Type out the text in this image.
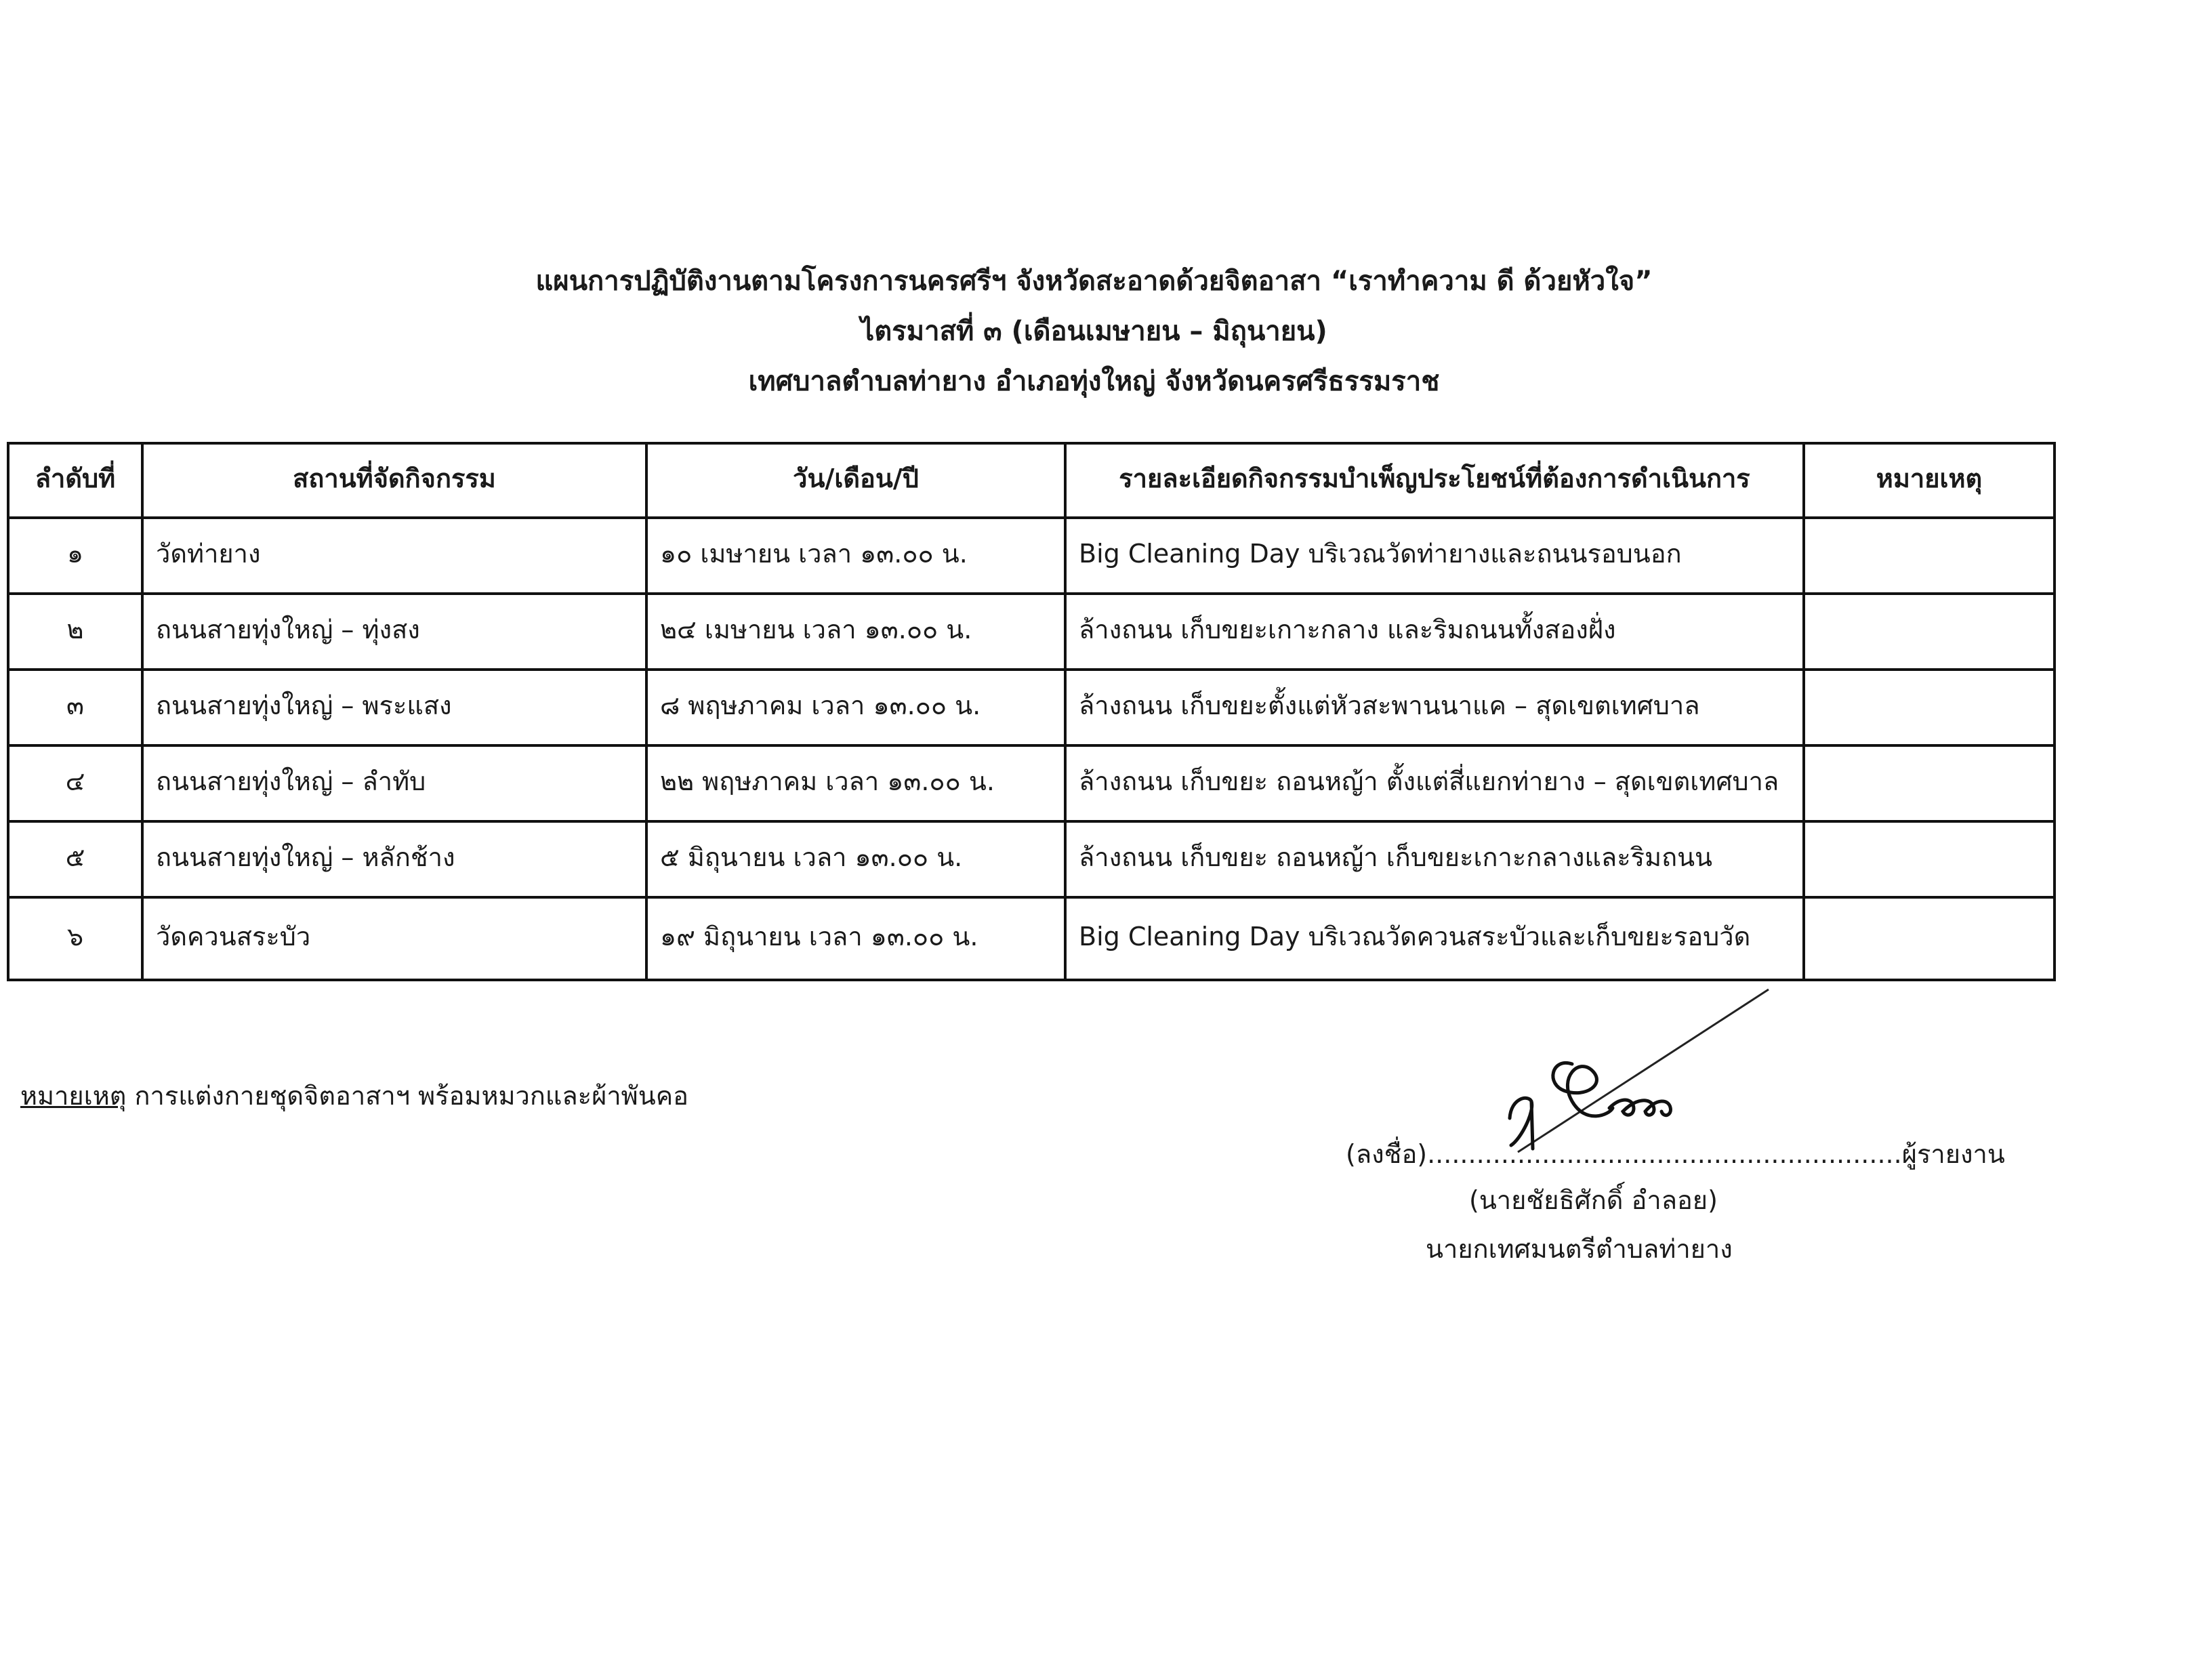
แผนการปฏิบัติงานตามโครงการนครศรีฯ จังหวัดสะอาดด้วยจิตอาสา “เราทำความ ดี ด้วยหัวใจ”
ไตรมาสที่ ๓ (เดือนเมษายน – มิถุนายน)
เทศบาลตำบลท่ายาง อำเภอทุ่งใหญ่ จังหวัดนครศรีธรรมราช
ลำดับที่	สถานที่จัดกิจกรรม	วัน/เดือน/ปี	รายละเอียดกิจกรรมบำเพ็ญประโยชน์ที่ต้องการดำเนินการ	หมายเหตุ
๑	วัดท่ายาง	๑๐ เมษายน เวลา ๑๓.๐๐ น.	Big Cleaning Day บริเวณวัดท่ายางและถนนรอบนอก
๒	ถนนสายทุ่งใหญ่ – ทุ่งสง	๒๔ เมษายน เวลา ๑๓.๐๐ น.	ล้างถนน เก็บขยะเกาะกลาง และริมถนนทั้งสองฝั่ง
๓	ถนนสายทุ่งใหญ่ – พระแสง	๘ พฤษภาคม เวลา ๑๓.๐๐ น.	ล้างถนน เก็บขยะตั้งแต่หัวสะพานนาแค – สุดเขตเทศบาล
๔	ถนนสายทุ่งใหญ่ – ลำทับ	๒๒ พฤษภาคม เวลา ๑๓.๐๐ น.	ล้างถนน เก็บขยะ ถอนหญ้า ตั้งแต่สี่แยกท่ายาง – สุดเขตเทศบาล
๕	ถนนสายทุ่งใหญ่ – หลักช้าง	๕ มิถุนายน เวลา ๑๓.๐๐ น.	ล้างถนน เก็บขยะ ถอนหญ้า เก็บขยะเกาะกลางและริมถนน
๖	วัดควนสระบัว	๑๙ มิถุนายน เวลา ๑๓.๐๐ น.	Big Cleaning Day บริเวณวัดควนสระบัวและเก็บขยะรอบวัด
หมายเหตุ การแต่งกายชุดจิตอาสาฯ พร้อมหมวกและผ้าพันคอ
(ลงชื่อ)..........................................................ผู้รายงาน
(นายชัยธิศักดิ์ อำลอย)
นายกเทศมนตรีตำบลท่ายาง
